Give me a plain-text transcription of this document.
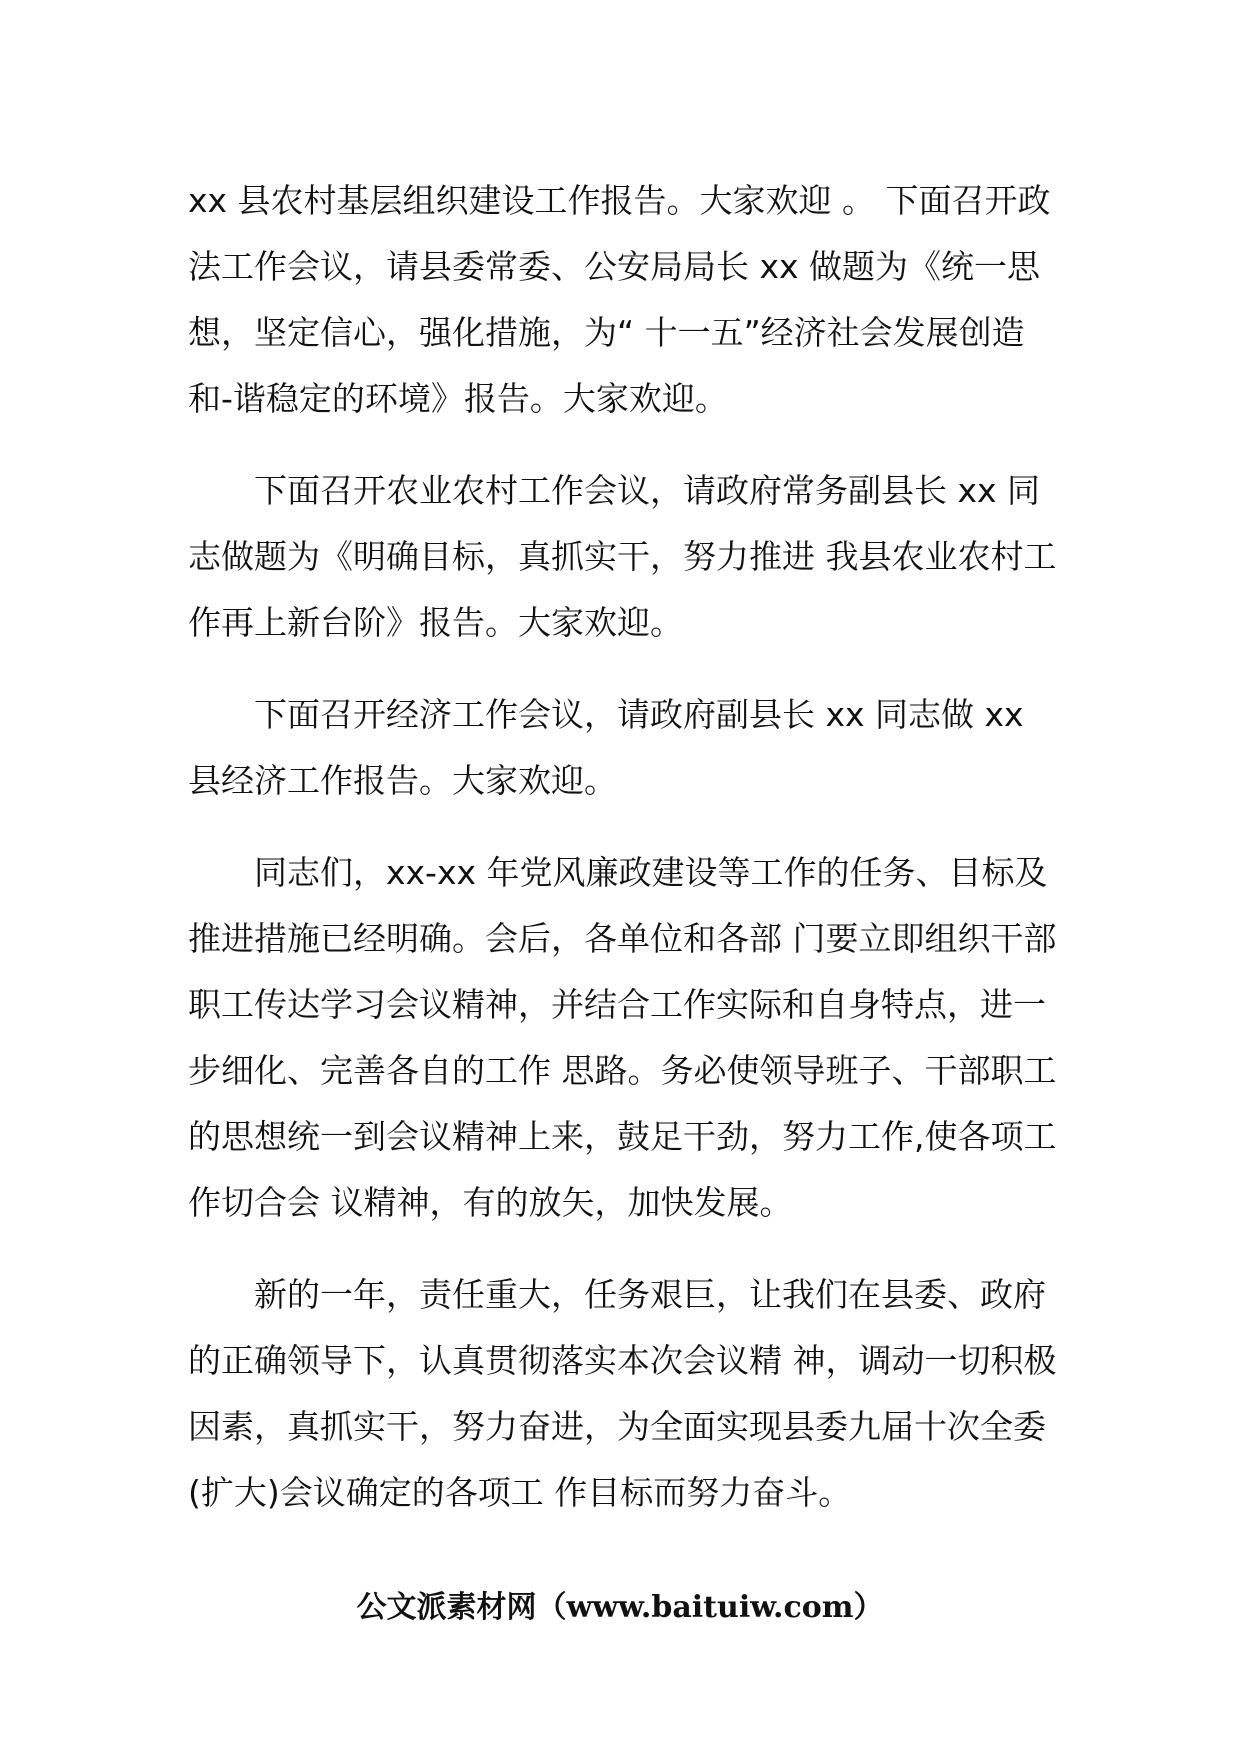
xx 县农村基层组织建设工作报告。大家欢迎 。 下面召开政法工作会议，请县委常委、公安局局长 xx 做题为《统一思想，坚定信心，强化措施，为“ 十一五”经济社会发展创造和-谐稳定的环境》报告。大家欢迎。

下面召开农业农村工作会议，请政府常务副县长 xx 同志做题为《明确目标，真抓实干，努力推进 我县农业农村工作再上新台阶》报告。大家欢迎。

下面召开经济工作会议，请政府副县长 xx 同志做 xx 县经济工作报告。大家欢迎。

同志们，xx-xx 年党风廉政建设等工作的任务、目标及推进措施已经明确。会后，各单位和各部 门要立即组织干部职工传达学习会议精神，并结合工作实际和自身特点，进一步细化、完善各自的工作 思路。务必使领导班子、干部职工的思想统一到会议精神上来，鼓足干劲，努力工作,使各项工作切合会 议精神，有的放矢，加快发展。

新的一年，责任重大，任务艰巨，让我们在县委、政府的正确领导下，认真贯彻落实本次会议精 神，调动一切积极因素，真抓实干，努力奋进，为全面实现县委九届十次全委(扩大)会议确定的各项工 作目标而努力奋斗。

公文派素材网（www.baituiw.com）
